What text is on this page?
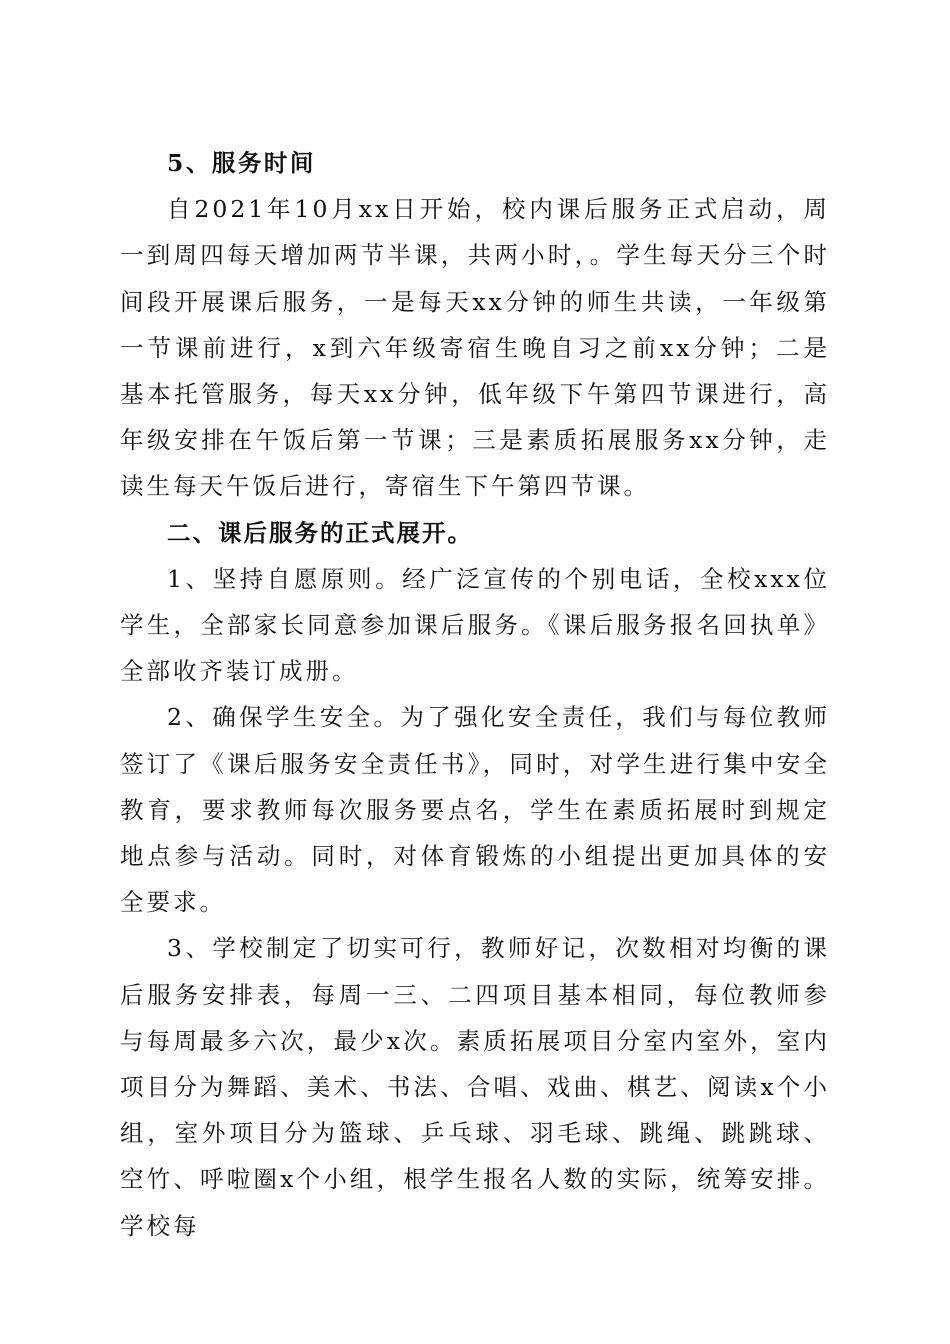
5、服务时间

自2021年10月xx日开始，校内课后服务正式启动，周一到周四每天增加两节半课，共两小时，。学生每天分三个时间段开展课后服务，一是每天xx分钟的师生共读，一年级第一节课前进行，x到六年级寄宿生晚自习之前xx分钟；二是基本托管服务，每天xx分钟，低年级下午第四节课进行，高年级安排在午饭后第一节课；三是素质拓展服务xx分钟，走读生每天午饭后进行，寄宿生下午第四节课。

二、课后服务的正式展开。

1、坚持自愿原则。经广泛宣传的个别电话，全校xxx位学生，全部家长同意参加课后服务。《课后服务报名回执单》全部收齐装订成册。

2、确保学生安全。为了强化安全责任，我们与每位教师签订了《课后服务安全责任书》，同时，对学生进行集中安全教育，要求教师每次服务要点名，学生在素质拓展时到规定地点参与活动。同时，对体育锻炼的小组提出更加具体的安全要求。

3、学校制定了切实可行，教师好记，次数相对均衡的课后服务安排表，每周一三、二四项目基本相同，每位教师参与每周最多六次，最少x次。素质拓展项目分室内室外，室内项目分为舞蹈、美术、书法、合唱、戏曲、棋艺、阅读x个小组，室外项目分为篮球、乒乓球、羽毛球、跳绳、跳跳球、空竹、呼啦圈x个小组，根学生报名人数的实际，统筹安排。学校每
